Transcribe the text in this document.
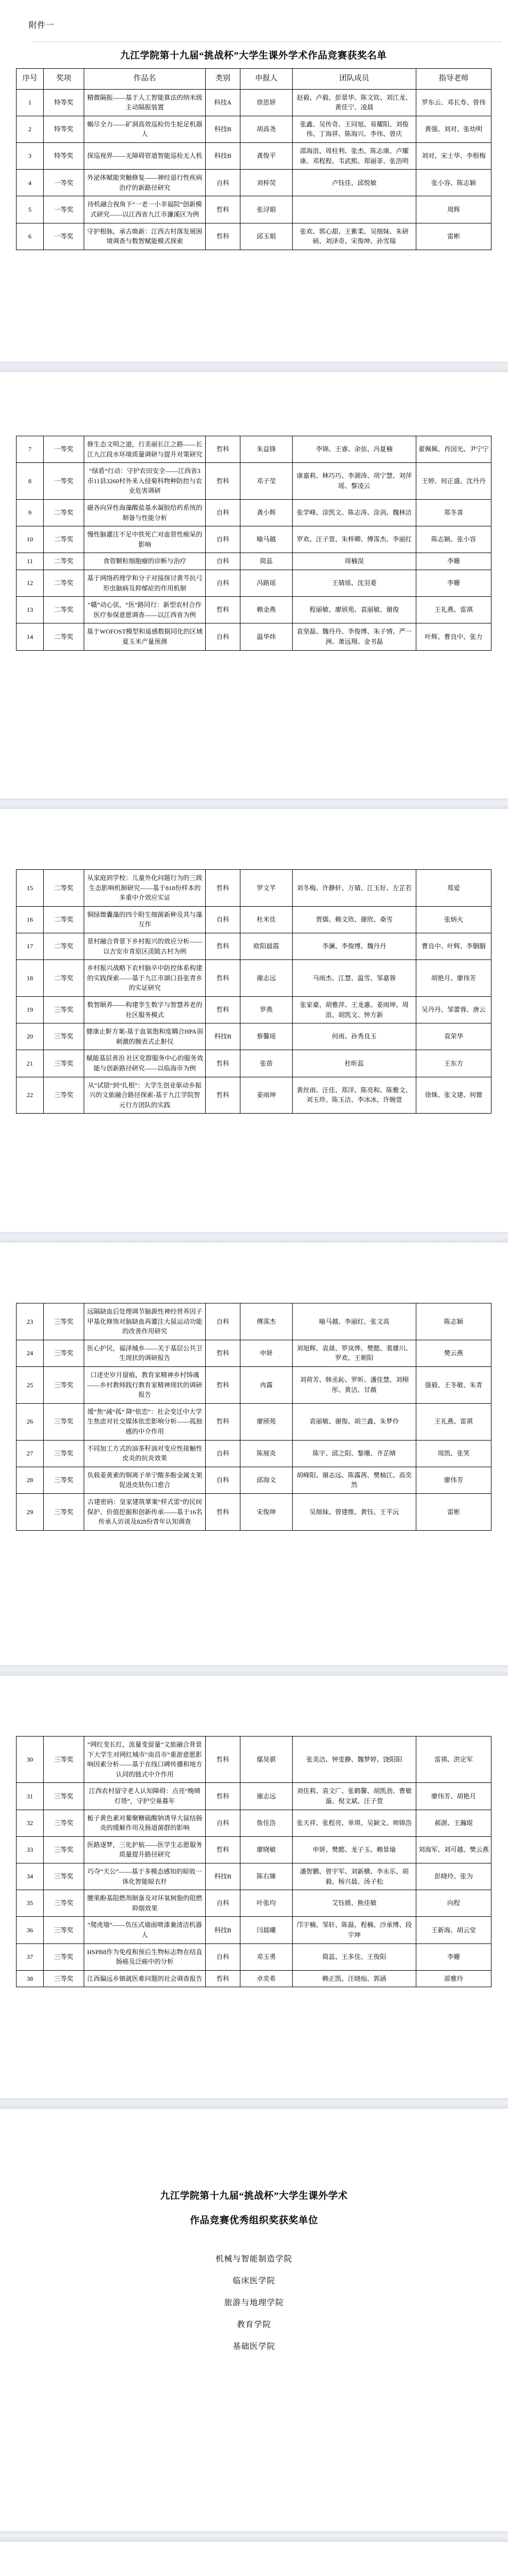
附件一
九江学院第十九届“挑战杯”大学生课外学术作品竞赛获奖名单
序号	奖项	作品名	类别	申报人	团队成员	指导老师
1	特等奖	精微隔振——基于人工智能算法的纳米级主动隔振装置	科技A	徐思妍	赵毅、卢毅、彭景华、陈文钦、刘江龙、黄佳宁、凌晨	罗东云、邓长寿、曾伟
2	特等奖	蝎尽全力——矿洞高效巡检仿生轮足机器人	科技B	胡高尧	张鑫、吴传奇、王同旭、易耀阳、刘俊伟、丁海祥、陈海兴、李伟、曾庆	黄强、刘对、张幼明
3	特等奖	探巡视界——无障碍管道智能巡检无人机	科技B	龚俊平	邵海浪、周柱利、张杰、陈志康、卢耀康、邓程程、韦武熙、郑丽菲、张浩明	刘对、宋士华、李根梅
4	一等奖	外泌体赋能突触修复——神经退行性疾病治疗的新路径研究	自科	刘梓荧	卢钰佳、邱悦敏	张小容、陈志颖
5	一等奖	待机融合视角下“一老一小幸福院”创新模式研究——以江西省九江市濂溪区为例	哲科	张浔娟		周辉
6	一等奖	守护根脉，承古焕新：江西古村落发展困境调查与数智赋能模式探索	哲科	邱玉娟	张欢、郭心甜、王紫柔、吴细妹、朱研硕、刘泽奇、宋俊坤、孙雪瑞	雷彬
7	一等奖	修生态文明之道，行美丽长江之路——长江九江段水环境质量调研与提升对策研究	哲科	朱益锋	李锦、王睿、余弦、冯夏楠	翟佩佩、肖国光、尹宁宁
8	一等奖	“绿盾”行动：守护农田安全——江西省3市11县3260村外来入侵菊科物种防控与农业危害调研	哲科	邓子莹	康嘉莉、林巧巧、李湖涛、项宁慧、刘萍瑶、黎凌云	王婷、何正盛、沈丹丹
9	二等奖	磁各向异性海藻酸盐基水凝胶给药系统的制备与性能分析	自科	龚小辉	张学峰、涂凯文、陈志涛、涂剑、魏林洁	郑冬喜
10	二等奖	慢性脑灌注不足中铁死亡对血管性痴呆的影响	自科	喻马越	罗欢、汪子萱、朱梓卿、傅霈杰、李丽红	陈志颖、张小容
11	二等奖	食管颗粒细胞瘤的诊断与治疗	自科	简蕊	周楠淏	李姗
12	二等奖	基于网络药理学和分子对接探讨黄芩抗弓形虫脑病及抑郁症的作用机制	自科	冯路瑶	王婧瑶、沈羽菱	李姗
13	二等奖	“赣”动心弦，“医”路同行：新型农村合作医疗参保意愿调查——以江西省为例	哲科	赖金燕	程丽敏、廖颀苑、袁丽敏、谢俊	王礼燕、雷祺
14	二等奖	基于WOFOST模型和遥感数据同化的区域夏玉米产量预测	自科	温华炜	袁坚磊、魏丹丹、李俊博、朱子情、严一洲、萧远翔、金书磊	叶辉、曹良中、张力
15	二等奖	从家庭到学校：儿童外化问题行为的三级生态影响机制研究——基于818份样本的多重中介效应实证	哲科	罗文芊	刘冬梅、许静轩、万婧、江玉好、左芷若	郑爱
16	二等奖	铜绿微囊藻的四个附生细菌新种及其与藻互作	自科	杜米佳	贾儒、赖文欣、谢欣、桑雪	张炳火
17	二等奖	景村融合背景下乡村振兴的效应分析——以吉安市青原区渼陂古村为例	哲科	欧阳晨霞	李澜、李俊博、魏丹丹	曹良中、叶辉、李胭胭
18	二等奖	乡村振兴战略下农村脑卒中防控体系构建的实践探索——基于九江市湖口县张青乡的实证研究	哲科	谢志远	马雨杰、江慧、温雪、邹嘉蓉	胡艳月、廖伟芳
19	三等奖	数智颐养——构建孪生数字与智慧养老的社区服务模式	哲科	罗燕	张家豪、胡雅萍、王龙惠、姜雨坤、周浪、胡凯文、钟方新	吴丹丹、邹蕾蓉、唐云
20	三等奖	健康止鼾方案-基于血氧饱和度耦合HPA弱刺激的腕表式止鼾仪	科技B	蔡馨瑶	何雨、孙秀良玉	袁荣华
21	三等奖	赋能基层善治 社区党群服务中心的服务效能与创新路径研究——以临海市为例	哲科	张蓓	杜昕蕊	王东方
22	三等奖	从“试错”到“扎根”：大学生创业驱动乡振兴的文旅融合路径探索-基于九江学院智元行方团队的实践	哲科	姜雨坤	黄丝雨、汪佳、郑洋、陈亮和、陈雅文、刘玉珍、陈玉洁、李冰冰、许婉萱	徐姝、张文建、何微
23	三等奖	远隔缺血后处理调节脑源性神经营养因子甲基化修饰对脑缺血再灌注大鼠运动功能的改善作用研究	自科	傅霈杰	喻马越、李丽红、张文高	陈志颖
24	三等奖	医心护民，福泽城乡——关于基层公共卫生现状的调研报告	哲科	申妍	刘旭辉、袁晟、罗岚烨、樊懿、裴雄川、罗欢、王朝阳	樊云燕
25	三等奖	口述史岁月留痕，教育家精神乡村铸魂——乡村教师践行教育家精神现状的调研报告	哲科	冉露	刘荷芳、韩丞鈊、罗昕、潘佳慧、刘栩彤、黄洁、甘薇	强毅、王冬敏、朱青
26	三等奖	缓“焦”减“孤” 降“依恋”：社会变迁中大学生焦虑对社交媒体依恋影响分析——孤独感的中介作用	哲科	廖颀苑	袁丽敏、谢俊、胡兰鑫、朱梦伶	王礼燕、雷祺
27	三等奖	不同加工方式的油茶籽油对变应性接触性皮炎的抗炎效果	自科	陈展炎	陈宇、邱之阳、黎珊、齐芷晴	周凯、张笑
28	三等奖	负载姜黄素的铜离子单宁酸多酚金属支架促进皮肤伤口愈合	自科	邱海文	胡峰阳、谢志远、陈露茜、樊柚江、高奕然	廖伟芳
29	三等奖	古建密码：皇家建筑掌案“样式雷”的民间保护、价值挖掘和创新传承——基于16名传承人访谈及828份青年认知调查	哲科	宋俊坤	吴细妹、曾建维、黄钰、王平沅	雷彬
30	三等奖	“网红变长红，流量变留量”文旅融合背景下大学生对网红城市“南昌市”重游意愿影响因素分析——基于在线口碑传播和地方认同的链式中介作用	哲科	鄢昊骐	张美洁、钟雯静、魏梦婷、饶阳阳	雷祺、洪定军
31	三等奖	江西农村留守老人认知障碍：点亮“晚晴灯塔”，守护空巢暮年	哲科	谢志远	刘佳莉、袁文广、张鹤馨、胡凯劲、曹敏漩、倪文斌、汪子萱	廖伟芳、胡艳月
32	三等奖	栀子黄色素对葡聚糖硫酸钠诱导大鼠结肠炎的缓解作用及肠道菌群的影响	自科	詹佳浩	张天祥、张程亮、单琪、吴颖文、帅锦浩	郝澍、王瀚琨
33	三等奖	医路逐梦，三化护航——医学生志愿服务质量提升路径研究	哲科	廖晓敏	申妍、樊懿、龙子玉、赖景瑜	刘海军、刘可越、樊云燕
34	三等奖	巧夺“天公”——基于多模态感知的晾收一体化智能晾衣杆	科技B	陈右臻	潘智鹏、曾宇军、刘新横、李永乐、胡毅、杨兴晨、汤子松	彭晓玲、张为
35	三等奖	腰果酚基阻燃剂制备及对环氧树脂的阻燃抑烟效果	自科	叶张均	艾钰媛、熊佳敏	向程
36	三等奖	“爬虎墙”——负压式墙面喷漆兼清洁机器人	科技B	闫晨曦	邝宇楠、邹轩、陈磊、程楠、沙承博、段宇坤	王新海、胡云堂
37	三等奖	HSPB8作为免疫和预后生物标志物在结直肠癌及泛癌中的分析	自科	邓玉勇	简蕊、王多佳、王俊阳	李姗
38	三等奖	江西偏远乡镇就医难问题的社会调查报告	哲科	卓奕希	赖正凯、汪晓灿、郭涵	部雅玲
九江学院第十九届“挑战杯”大学生课外学术
作品竞赛优秀组织奖获奖单位
机械与智能制造学院
临床医学院
旅游与地理学院
教育学院
基础医学院
